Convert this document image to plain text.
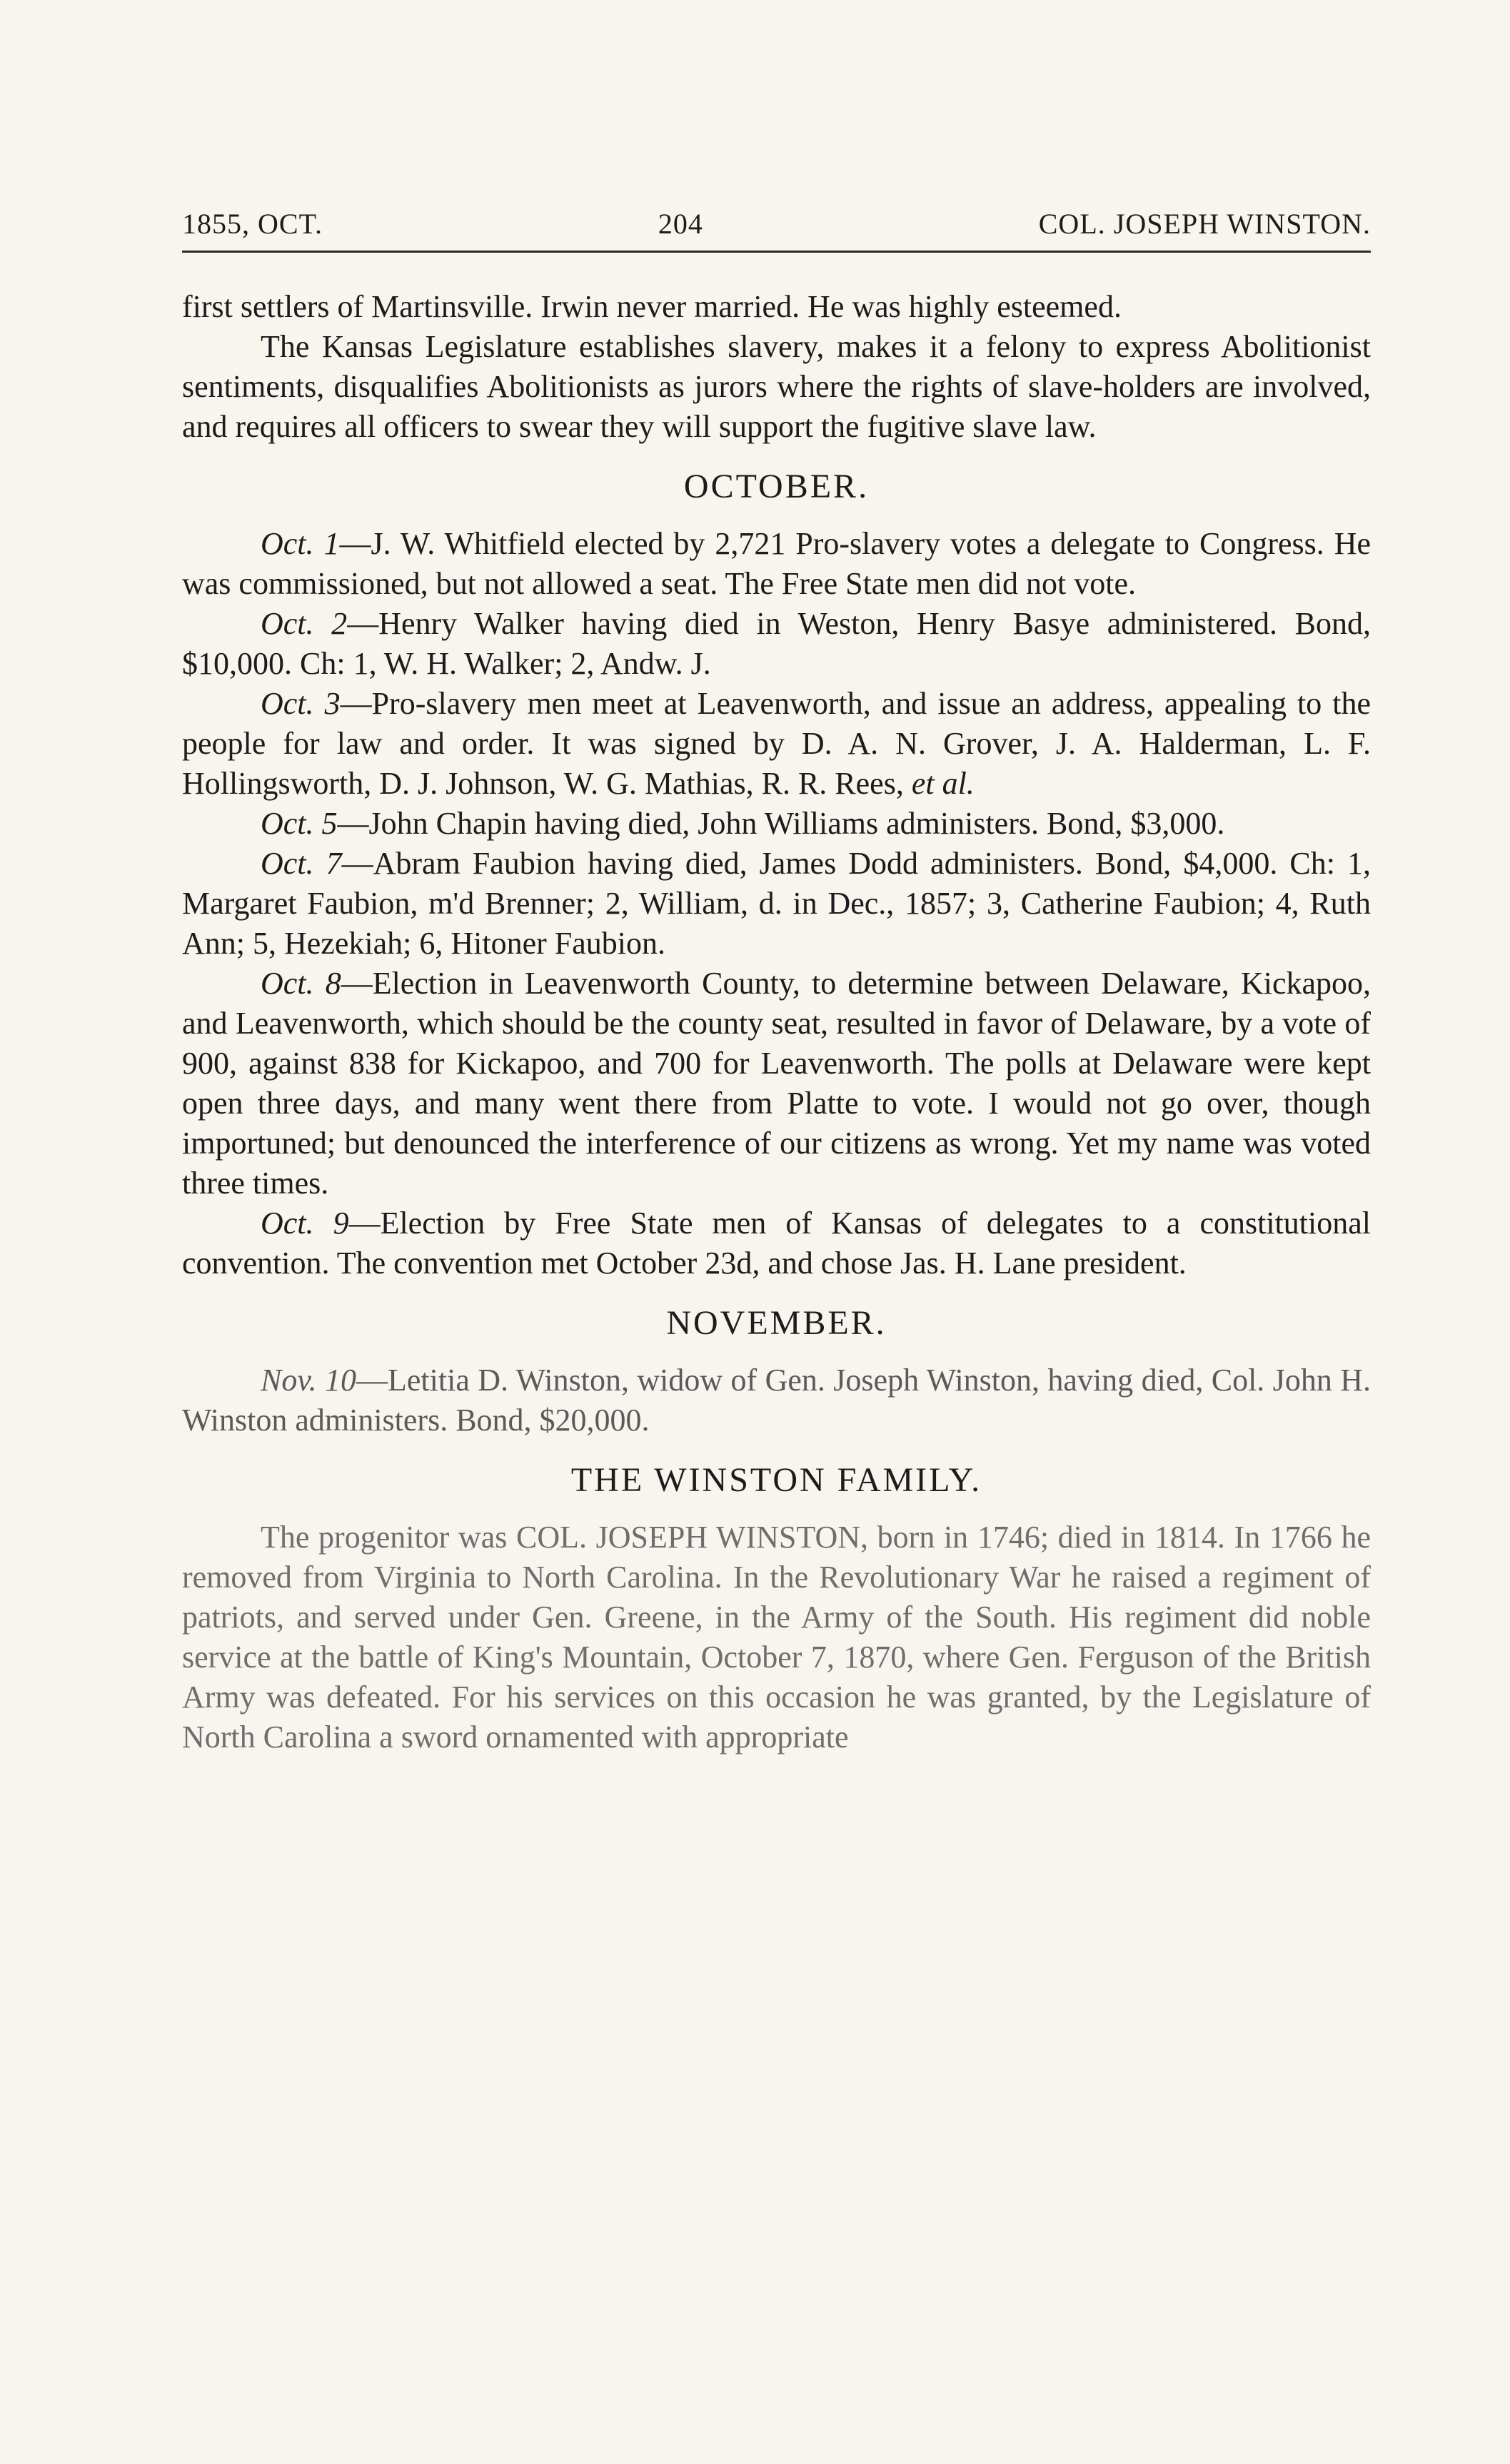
1855, OCT.	204	COL. JOSEPH WINSTON.

first settlers of Martinsville. Irwin never married. He was highly esteemed.

The Kansas Legislature establishes slavery, makes it a felony to express Abolitionist sentiments, disqualifies Abolitionists as jurors where the rights of slave-holders are involved, and requires all officers to swear they will support the fugitive slave law.

OCTOBER.

Oct. 1—J. W. Whitfield elected by 2,721 Pro-slavery votes a delegate to Congress. He was commissioned, but not allowed a seat. The Free State men did not vote.

Oct. 2—Henry Walker having died in Weston, Henry Basye administered. Bond, $10,000. Ch: 1, W. H. Walker; 2, Andw. J.

Oct. 3—Pro-slavery men meet at Leavenworth, and issue an address, appealing to the people for law and order. It was signed by D. A. N. Grover, J. A. Halderman, L. F. Hollingsworth, D. J. Johnson, W. G. Mathias, R. R. Rees, et al.

Oct. 5—John Chapin having died, John Williams administers. Bond, $3,000.

Oct. 7—Abram Faubion having died, James Dodd administers. Bond, $4,000. Ch: 1, Margaret Faubion, m'd Brenner; 2, William, d. in Dec., 1857; 3, Catherine Faubion; 4, Ruth Ann; 5, Hezekiah; 6, Hitoner Faubion.

Oct. 8—Election in Leavenworth County, to determine between Delaware, Kickapoo, and Leavenworth, which should be the county seat, resulted in favor of Delaware, by a vote of 900, against 838 for Kickapoo, and 700 for Leavenworth. The polls at Delaware were kept open three days, and many went there from Platte to vote. I would not go over, though importuned; but denounced the interference of our citizens as wrong. Yet my name was voted three times.

Oct. 9—Election by Free State men of Kansas of delegates to a constitutional convention. The convention met October 23d, and chose Jas. H. Lane president.

NOVEMBER.

Nov. 10—Letitia D. Winston, widow of Gen. Joseph Winston, having died, Col. John H. Winston administers. Bond, $20,000.

THE WINSTON FAMILY.

The progenitor was COL. JOSEPH WINSTON, born in 1746; died in 1814. In 1766 he removed from Virginia to North Carolina. In the Revolutionary War he raised a regiment of patriots, and served under Gen. Greene, in the Army of the South. His regiment did noble service at the battle of King's Mountain, October 7, 1870, where Gen. Ferguson of the British Army was defeated. For his services on this occasion he was granted, by the Legislature of North Carolina a sword ornamented with appropriate
